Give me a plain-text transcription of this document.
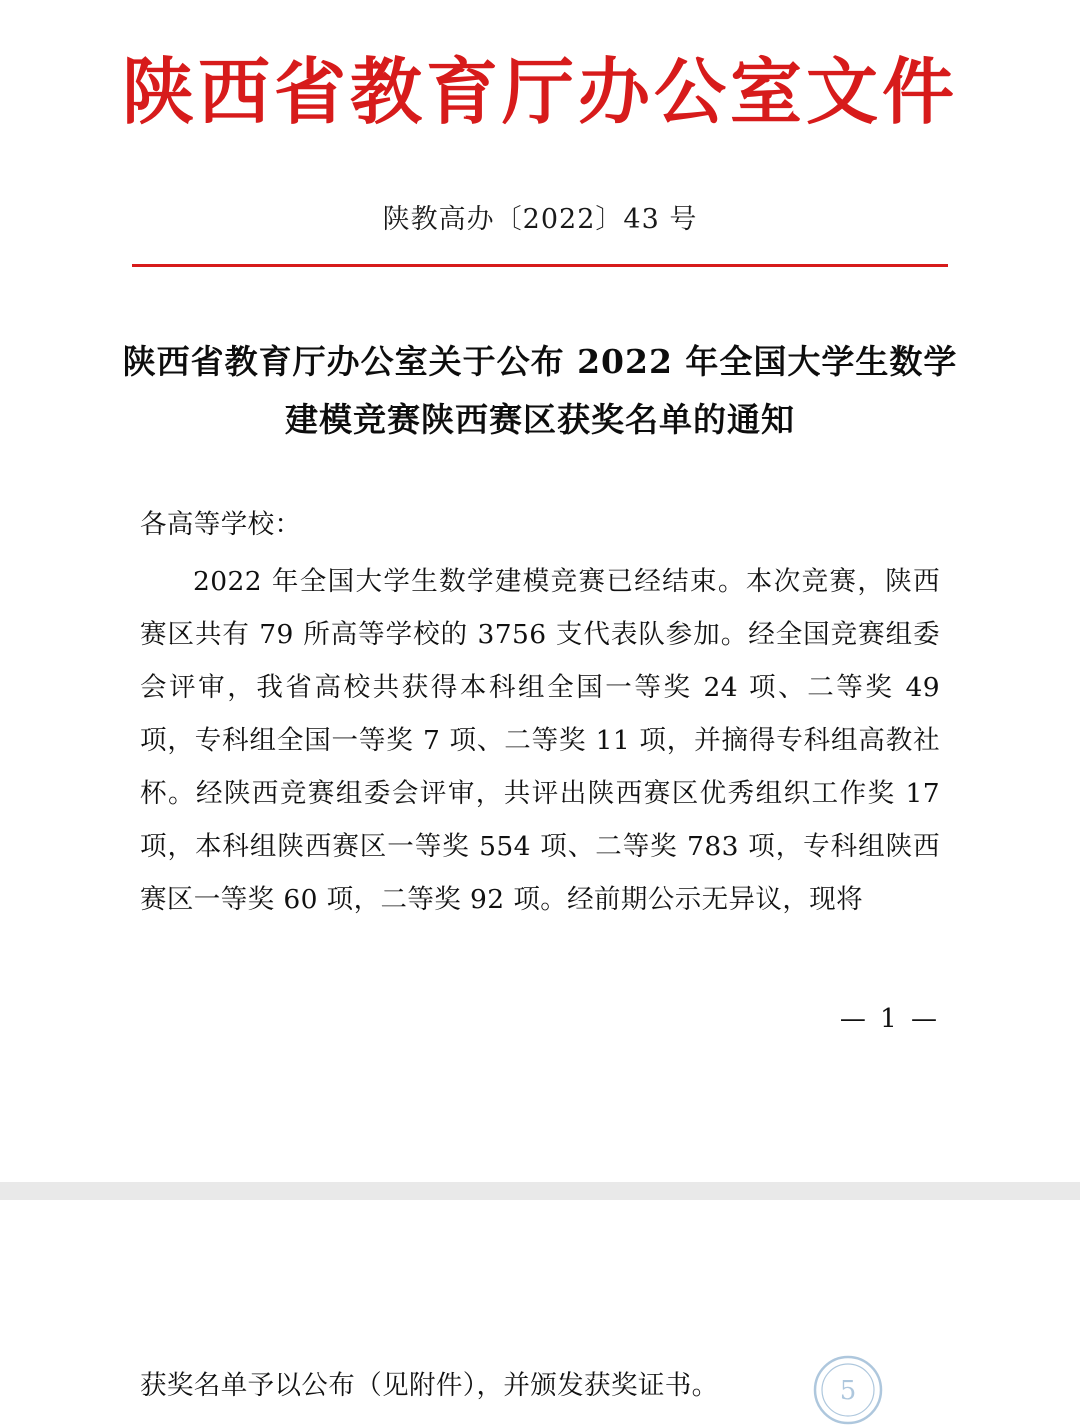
陕西省教育厅办公室文件
陕教高办〔2022〕43 号
陕西省教育厅办公室关于公布 2022 年全国大学生数学建模竞赛陕西赛区获奖名单的通知

各高等学校：

2022 年全国大学生数学建模竞赛已经结束。本次竞赛，陕西赛区共有 79 所高等学校的 3756 支代表队参加。经全国竞赛组委会评审，我省高校共获得本科组全国一等奖 24 项、二等奖 49 项，专科组全国一等奖 7 项、二等奖 11 项，并摘得专科组高教社杯。经陕西竞赛组委会评审，共评出陕西赛区优秀组织工作奖 17 项，本科组陕西赛区一等奖 554 项、二等奖 783 项，专科组陕西赛区一等奖 60 项，二等奖 92 项。经前期公示无异议，现将

— 1 —
获奖名单予以公布（见附件），并颁发获奖证书。	5
